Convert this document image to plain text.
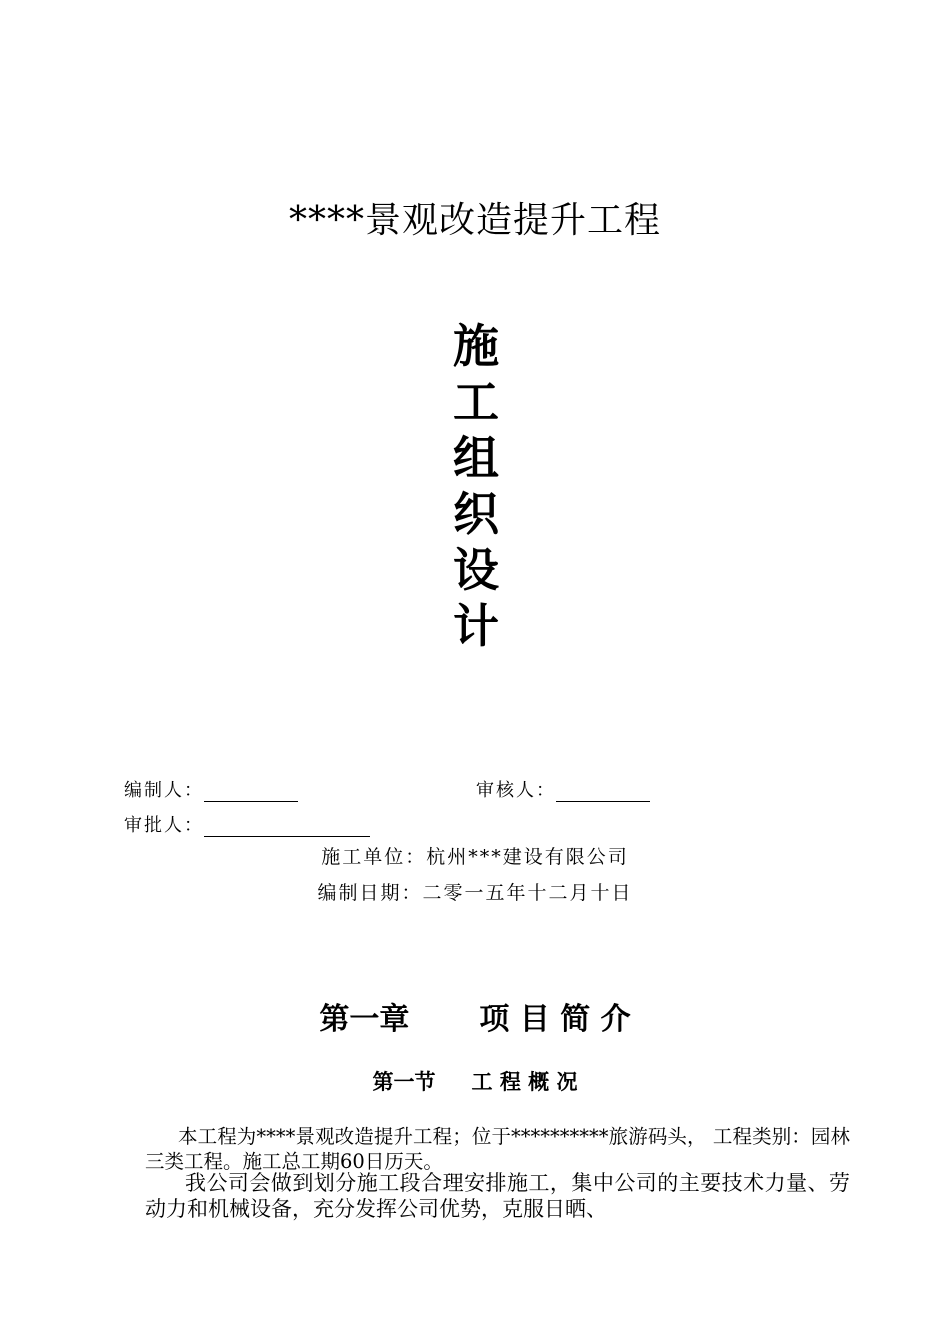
****景观改造提升工程
施
工
组
织
设
计
编制人：	审核人：
审批人：
施工单位：杭州***建设有限公司
编制日期：二零一五年十二月十日
第一章 项 目 简 介
第一节 工 程 概 况
本工程为****景观改造提升工程；位于**********旅游码头， 工程类别：园林三类工程。施工总工期60日历天。
我公司会做到划分施工段合理安排施工，集中公司的主要技术力量、劳动力和机械设备，充分发挥公司优势，克服日晒、
